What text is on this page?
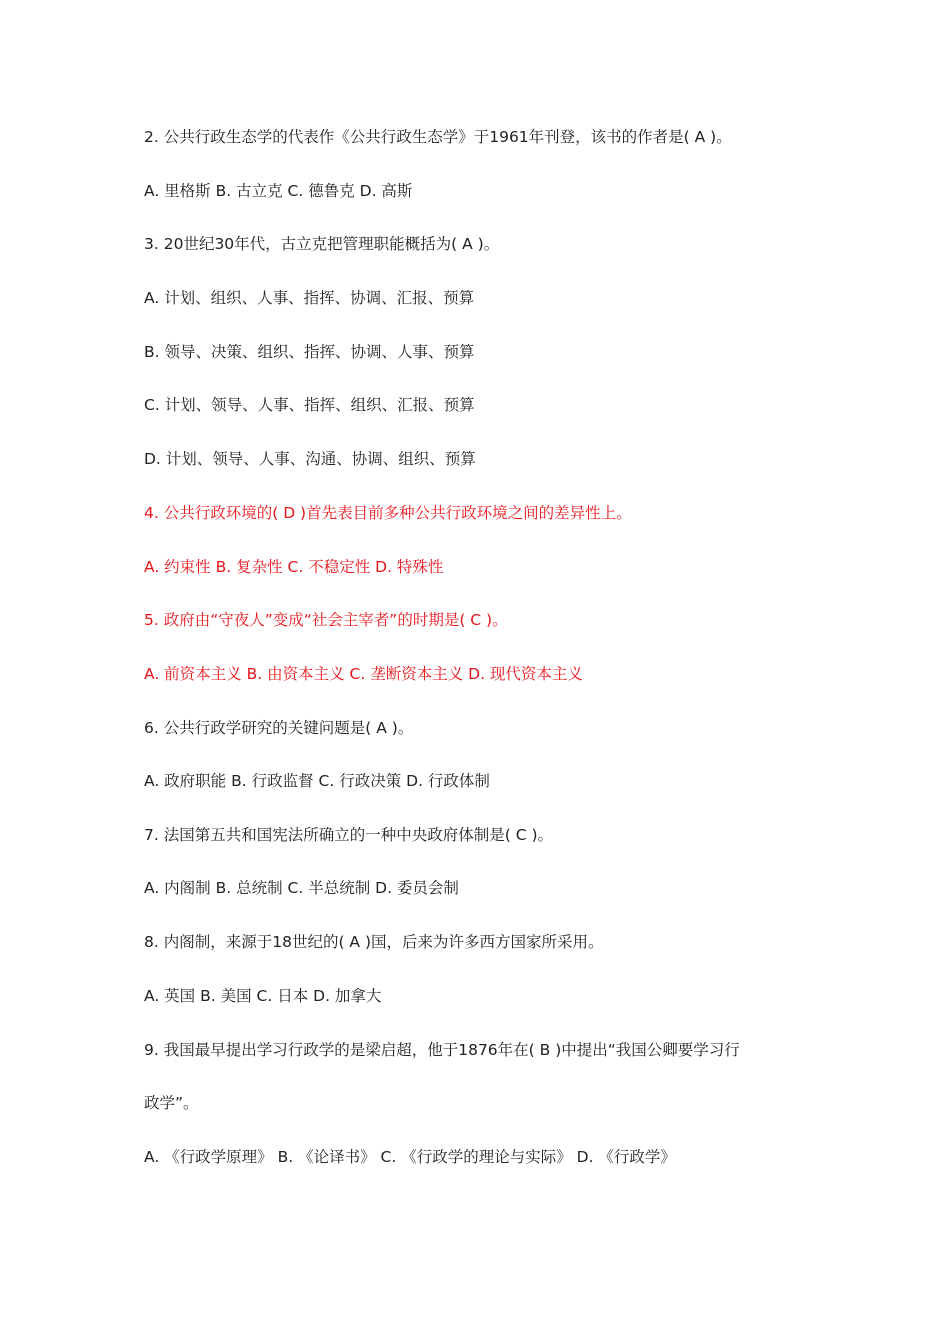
2. 公共行政生态学的代表作《公共行政生态学》于1961年刊登，该书的作者是( A )。
A. 里格斯 B. 古立克 C. 德鲁克 D. 高斯
3. 20世纪30年代，古立克把管理职能概括为( A )。
A. 计划、组织、人事、指挥、协调、汇报、预算
B. 领导、决策、组织、指挥、协调、人事、预算
C. 计划、领导、人事、指挥、组织、汇报、预算
D. 计划、领导、人事、沟通、协调、组织、预算
4. 公共行政环境的( D )首先表目前多种公共行政环境之间的差异性上。
A. 约束性 B. 复杂性 C. 不稳定性 D. 特殊性
5. 政府由“守夜人”变成“社会主宰者”的时期是( C )。
A. 前资本主义 B. 由资本主义 C. 垄断资本主义 D. 现代资本主义
6. 公共行政学研究的关键问题是( A )。
A. 政府职能 B. 行政监督 C. 行政决策 D. 行政体制
7. 法国第五共和国宪法所确立的一种中央政府体制是( C )。
A. 内阁制 B. 总统制 C. 半总统制 D. 委员会制
8. 内阁制，来源于18世纪的( A )国，后来为许多西方国家所采用。
A. 英国 B. 美国 C. 日本 D. 加拿大
9. 我国最早提出学习行政学的是梁启超，他于1876年在( B )中提出“我国公卿要学习行
政学”。
A. 《行政学原理》 B. 《论译书》 C. 《行政学的理论与实际》 D. 《行政学》
